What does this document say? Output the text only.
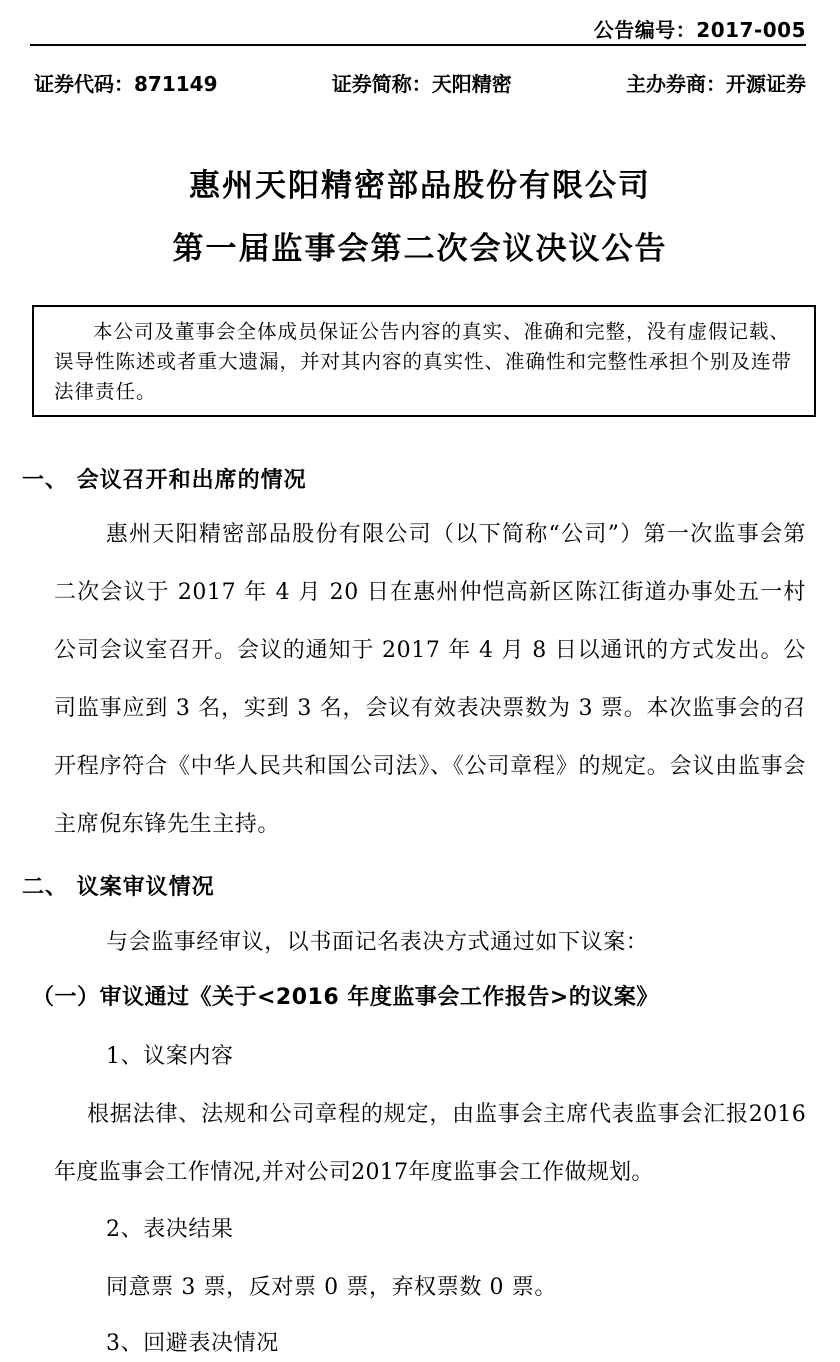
公告编号：2017-005
证券代码：871149	证券简称：天阳精密	主办券商：开源证券
惠州天阳精密部品股份有限公司
第一届监事会第二次会议决议公告
本公司及董事会全体成员保证公告内容的真实、准确和完整，没有虚假记载、误导性陈述或者重大遗漏，并对其内容的真实性、准确性和完整性承担个别及连带法律责任。
一、 会议召开和出席的情况
惠州天阳精密部品股份有限公司（以下简称“公司”）第一次监事会第二次会议于 2017 年 4 月 20 日在惠州仲恺高新区陈江街道办事处五一村公司会议室召开。会议的通知于 2017 年 4 月 8 日以通讯的方式发出。公司监事应到 3 名，实到 3 名，会议有效表决票数为 3 票。本次监事会的召开程序符合《中华人民共和国公司法》、《公司章程》的规定。会议由监事会主席倪东锋先生主持。
二、 议案审议情况
与会监事经审议，以书面记名表决方式通过如下议案：
（一）审议通过《关于<2016 年度监事会工作报告>的议案》
1、议案内容
根据法律、法规和公司章程的规定，由监事会主席代表监事会汇报2016年度监事会工作情况,并对公司2017年度监事会工作做规划。
2、表决结果
同意票 3 票，反对票 0 票，弃权票数 0 票。
3、回避表决情况
